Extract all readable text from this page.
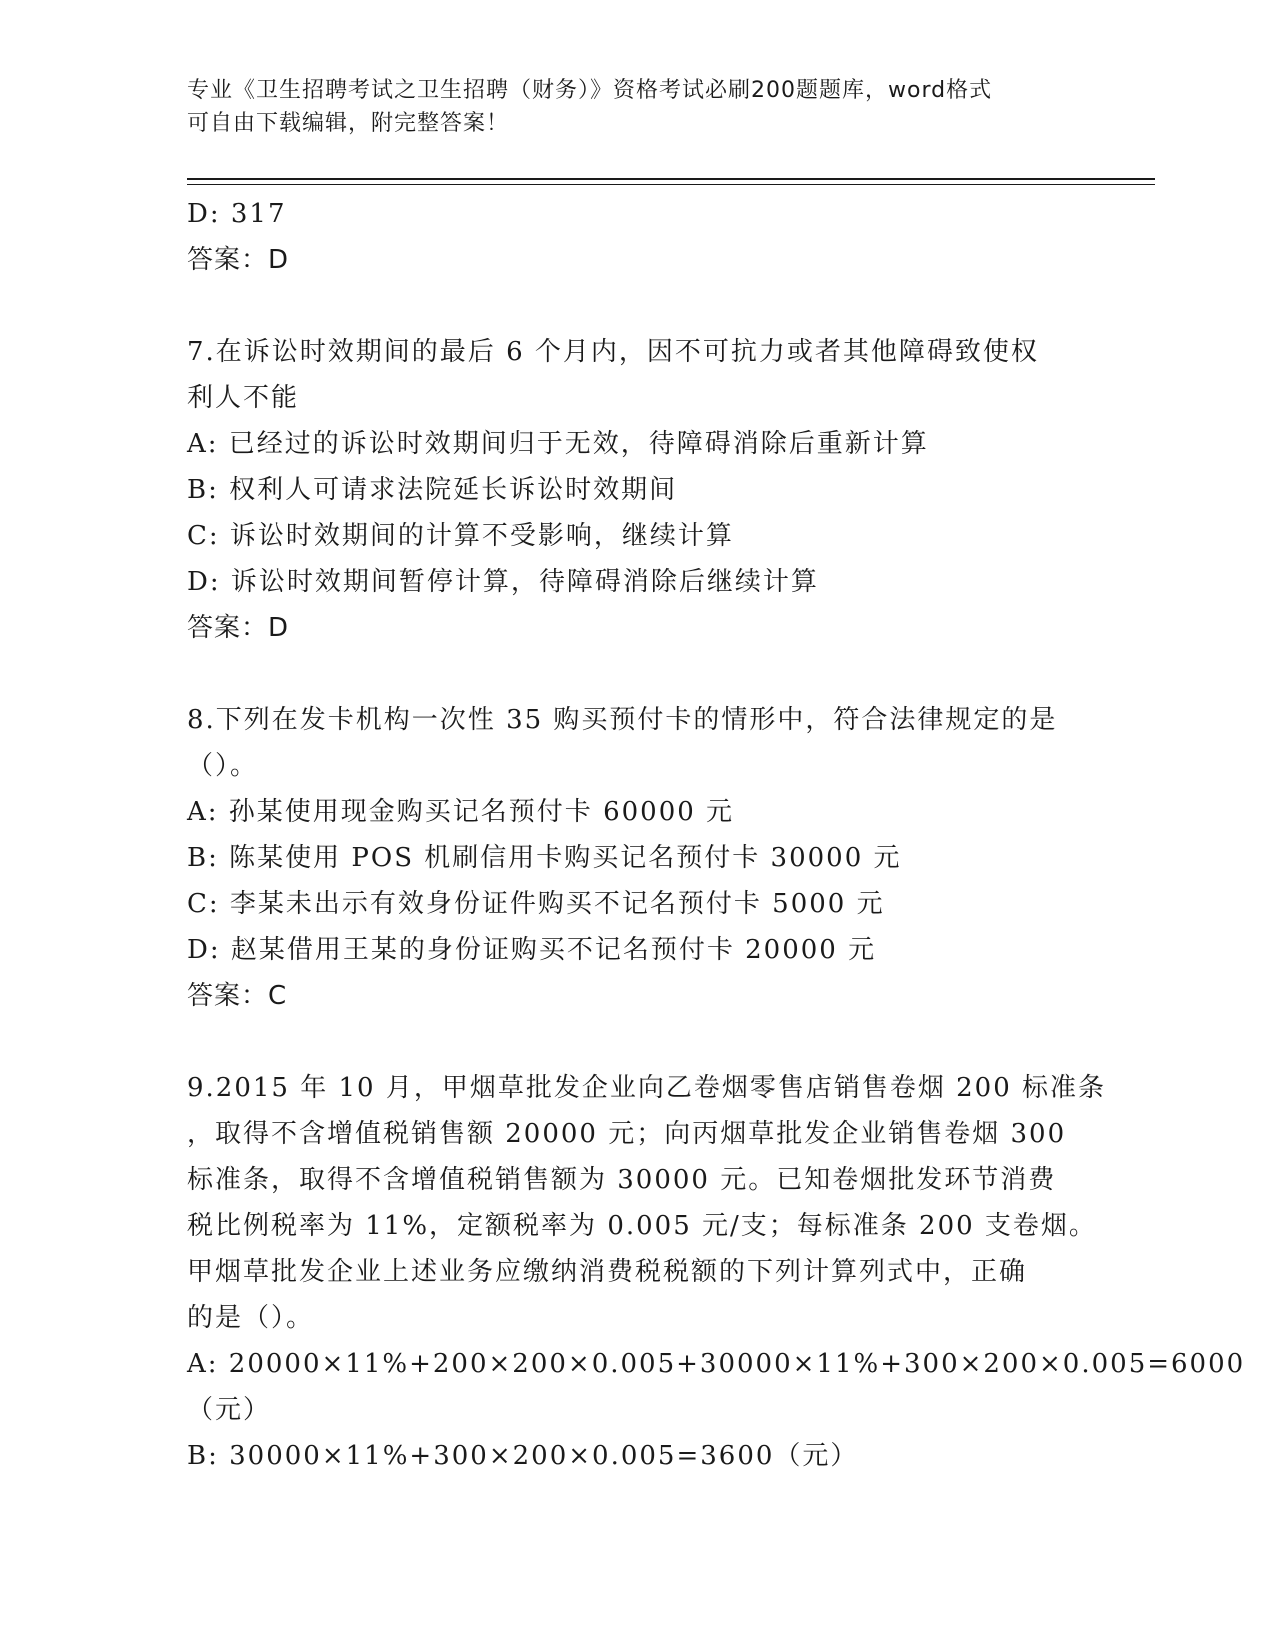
专业《卫生招聘考试之卫生招聘（财务）》资格考试必刷200题题库，word格式
可自由下载编辑，附完整答案！
D: 317
答案：D
7.在诉讼时效期间的最后 6 个月内，因不可抗力或者其他障碍致使权
利人不能
A: 已经过的诉讼时效期间归于无效，待障碍消除后重新计算
B: 权利人可请求法院延长诉讼时效期间
C: 诉讼时效期间的计算不受影响，继续计算
D: 诉讼时效期间暂停计算，待障碍消除后继续计算
答案：D
8.下列在发卡机构一次性 35 购买预付卡的情形中，符合法律规定的是
（）。
A: 孙某使用现金购买记名预付卡 60000 元
B: 陈某使用 POS 机刷信用卡购买记名预付卡 30000 元
C: 李某未出示有效身份证件购买不记名预付卡 5000 元
D: 赵某借用王某的身份证购买不记名预付卡 20000 元
答案：C
9.2015 年 10 月，甲烟草批发企业向乙卷烟零售店销售卷烟 200 标准条
，取得不含增值税销售额 20000 元；向丙烟草批发企业销售卷烟 300
标准条，取得不含增值税销售额为 30000 元。已知卷烟批发环节消费
税比例税率为 11%，定额税率为 0.005 元/支；每标准条 200 支卷烟。
甲烟草批发企业上述业务应缴纳消费税税额的下列计算列式中，正确
的是（）。
A: 20000×11%+200×200×0.005+30000×11%+300×200×0.005=6000
（元）
B: 30000×11%+300×200×0.005=3600（元）
